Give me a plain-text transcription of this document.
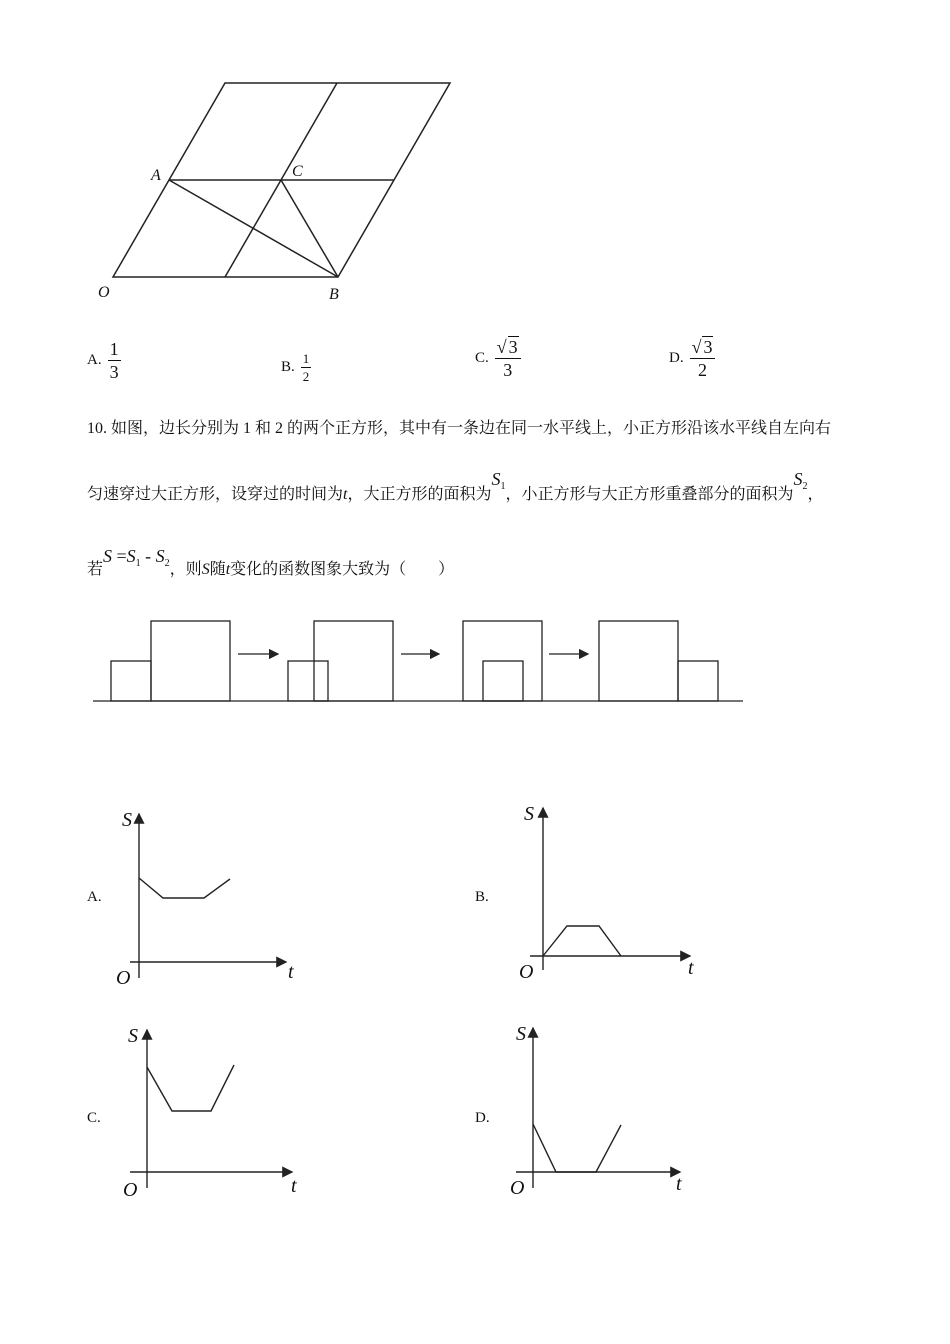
A	C
O	B
A. $\frac{1}{3}$	B. $\frac{1}{2}$	C. $\frac{√ 3}{3}$	D. $\frac{√ 3}{2}$
10. 如图，边长分别为 1 和 2 的两个正方形，其中有一条边在同一水平线上，小正方形沿该水平线自左向右
匀速穿过大正方形，设穿过的时间为t，大正方形的面积为$S_1$，小正方形与大正方形重叠部分的面积为$S_2$，
若$S =S_1 - S_2$，则S随t变化的函数图象大致为（　　）
A.
S
t
O
B.
S
t
O
C.
S
t
O
D.
S
t
O
